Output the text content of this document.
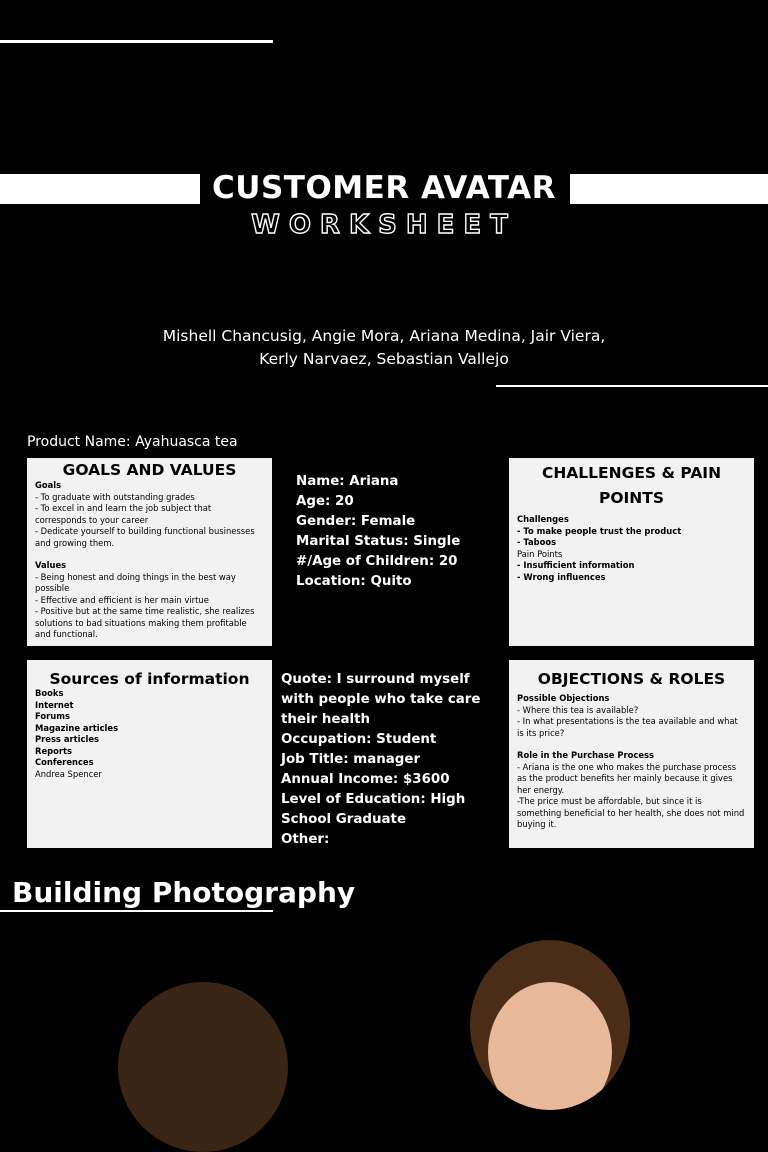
CUSTOMER AVATAR
WORKSHEET
Mishell Chancusig, Angie Mora, Ariana Medina, Jair Viera,
Kerly Narvaez, Sebastian Vallejo
Product Name: Ayahuasca tea
GOALS AND VALUES
Goals
- To graduate with outstanding grades
- To excel in and learn the job subject that corresponds to your career
- Dedicate yourself to building functional businesses and growing them.
Values
- Being honest and doing things in the best way possible
- Effective and efficient is her main virtue
- Positive but at the same time realistic, she realizes solutions to bad situations making them profitable and functional.
Name: Ariana
Age: 20
Gender: Female
Marital Status: Single
#/Age of Children: 20
Location: Quito
CHALLENGES & PAIN POINTS
Challenges
- To make people trust the product
- Taboos
Pain Points
- Insufficient information
- Wrong influences
Sources of information
Books
Internet
Forums
Magazine articles
Press articles
Reports
Conferences
Andrea Spencer
Quote: I surround myself
with people who take care
their health
Occupation: Student
Job Title: manager
Annual Income: $3600
Level of Education: High
School Graduate
Other:
OBJECTIONS & ROLES
Possible Objections
- Where this tea is available?
- In what presentations is the tea available and what is its price?
Role in the Purchase Process
- Ariana is the one who makes the purchase process as the product benefits her mainly because it gives her energy.
-The price must be affordable, but since it is something beneficial to her health, she does not mind buying it.
Building Photography
